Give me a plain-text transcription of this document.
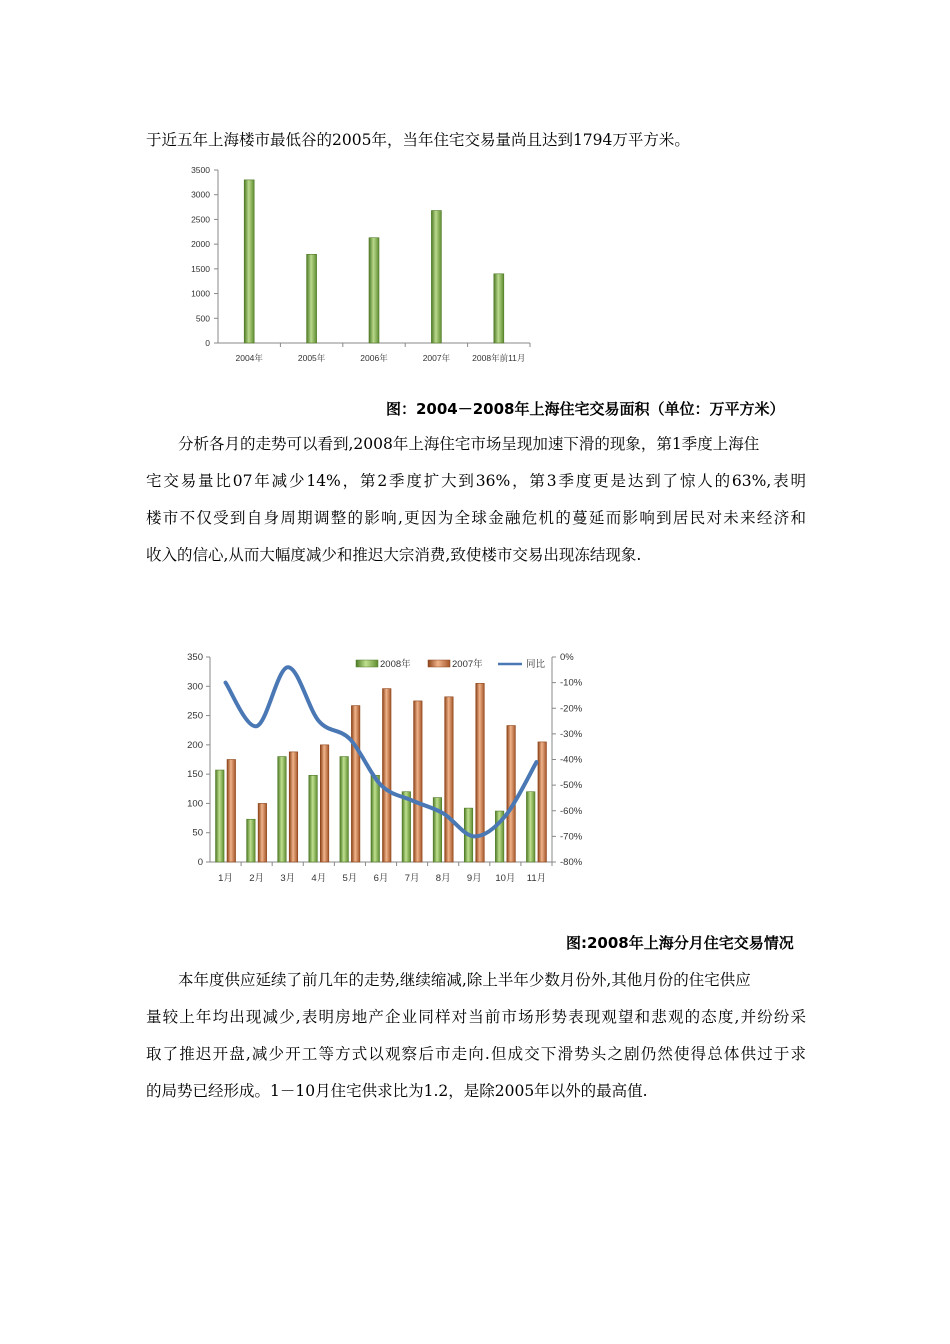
于近五年上海楼市最低谷的2005年，当年住宅交易量尚且达到1794万平方米。
0
500
1000
1500
2000
2500
3000
3500
2004年	2005年	2006年	2007年	2008年前11月
图：2004－2008年上海住宅交易面积（单位：万平方米）
分析各月的走势可以看到,2008年上海住宅市场呈现加速下滑的现象，第1季度上海住
宅交易量比07年减少14%，第2季度扩大到36%，第3季度更是达到了惊人的63%,表明
楼市不仅受到自身周期调整的影响,更因为全球金融危机的蔓延而影响到居民对未来经济和
收入的信心,从而大幅度减少和推迟大宗消费,致使楼市交易出现冻结现象.
0
50
100
150
200
250
300
350	0%
-10%
-20%
-30%
-40%
-50%
-60%
-70%
-80%
1月 2月 3月 4月 5月 6月 7月 8月 9月 10月 11月
2008年	2007年	同比
图:2008年上海分月住宅交易情况
本年度供应延续了前几年的走势,继续缩减,除上半年少数月份外,其他月份的住宅供应
量较上年均出现减少,表明房地产企业同样对当前市场形势表现观望和悲观的态度,并纷纷采
取了推迟开盘,减少开工等方式以观察后市走向.但成交下滑势头之剧仍然使得总体供过于求
的局势已经形成。1－10月住宅供求比为1.2，是除2005年以外的最高值.
